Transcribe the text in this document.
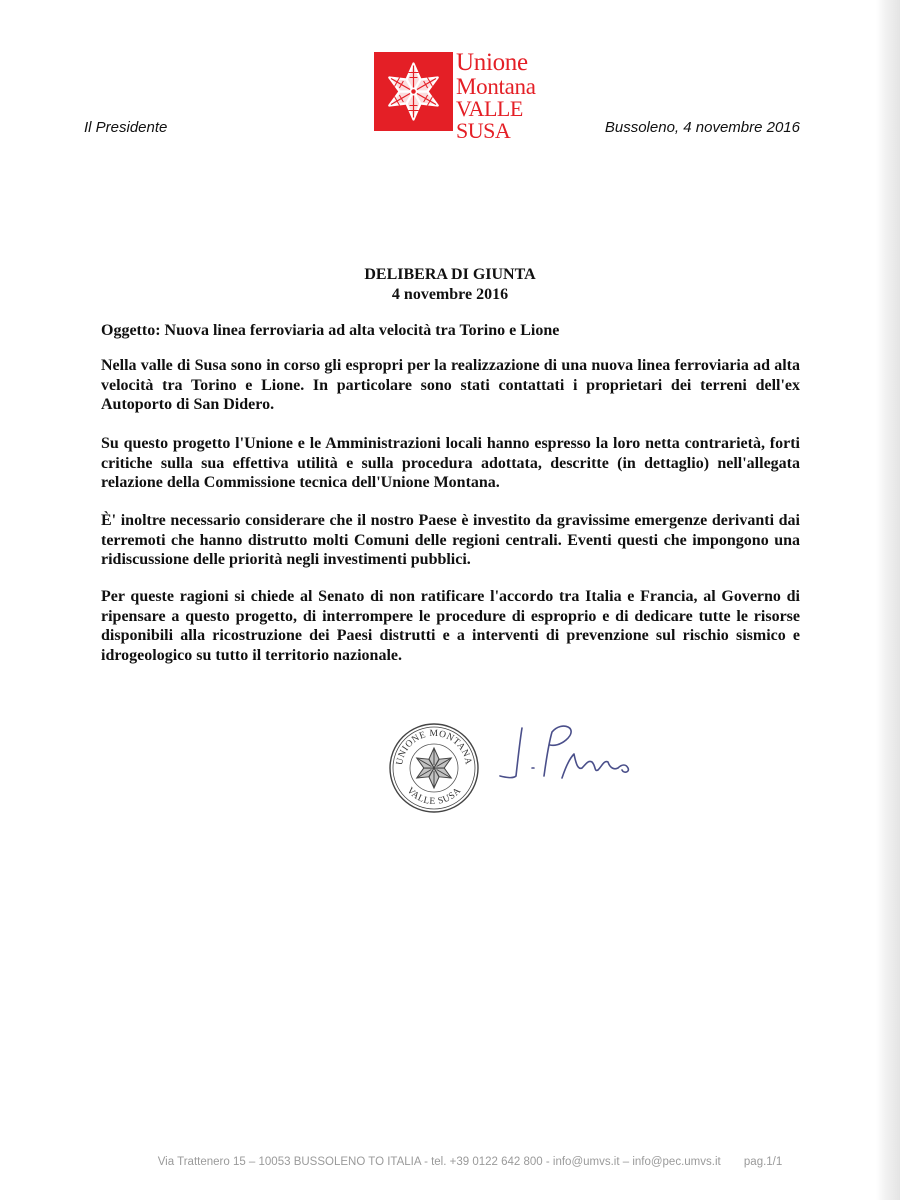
Unione
Montana
VALLE SUSA
Il Presidente	Bussoleno, 4 novembre 2016
DELIBERA DI GIUNTA
4 novembre 2016
Oggetto: Nuova linea ferroviaria ad alta velocità tra Torino e Lione

Nella valle di Susa sono in corso gli espropri per la realizzazione di una nuova linea ferroviaria ad alta velocità tra Torino e Lione. In particolare sono stati contattati i proprietari dei terreni dell'ex Autoporto di San Didero.

Su questo progetto l'Unione e le Amministrazioni locali hanno espresso la loro netta contrarietà, forti critiche sulla sua effettiva utilità e sulla procedura adottata, descritte (in dettaglio) nell'allegata relazione della Commissione tecnica dell'Unione Montana.

È' inoltre necessario considerare che il nostro Paese è investito da gravissime emergenze derivanti dai terremoti che hanno distrutto molti Comuni delle regioni centrali. Eventi questi che impongono una ridiscussione delle priorità negli investimenti pubblici.

Per queste ragioni si chiede al Senato di non ratificare l'accordo tra Italia e Francia, al Governo di ripensare a questo progetto, di interrompere le procedure di esproprio e di dedicare tutte le risorse disponibili alla ricostruzione dei Paesi distrutti e a interventi di prevenzione sul rischio sismico e idrogeologico su tutto il territorio nazionale.

UNIONE MONTANA
VALLE SUSA
Via Trattenero 15 – 10053 BUSSOLENO TO ITALIA - tel. +39 0122 642 800 - info@umvs.it – info@pec.umvs.it pag.1/1
